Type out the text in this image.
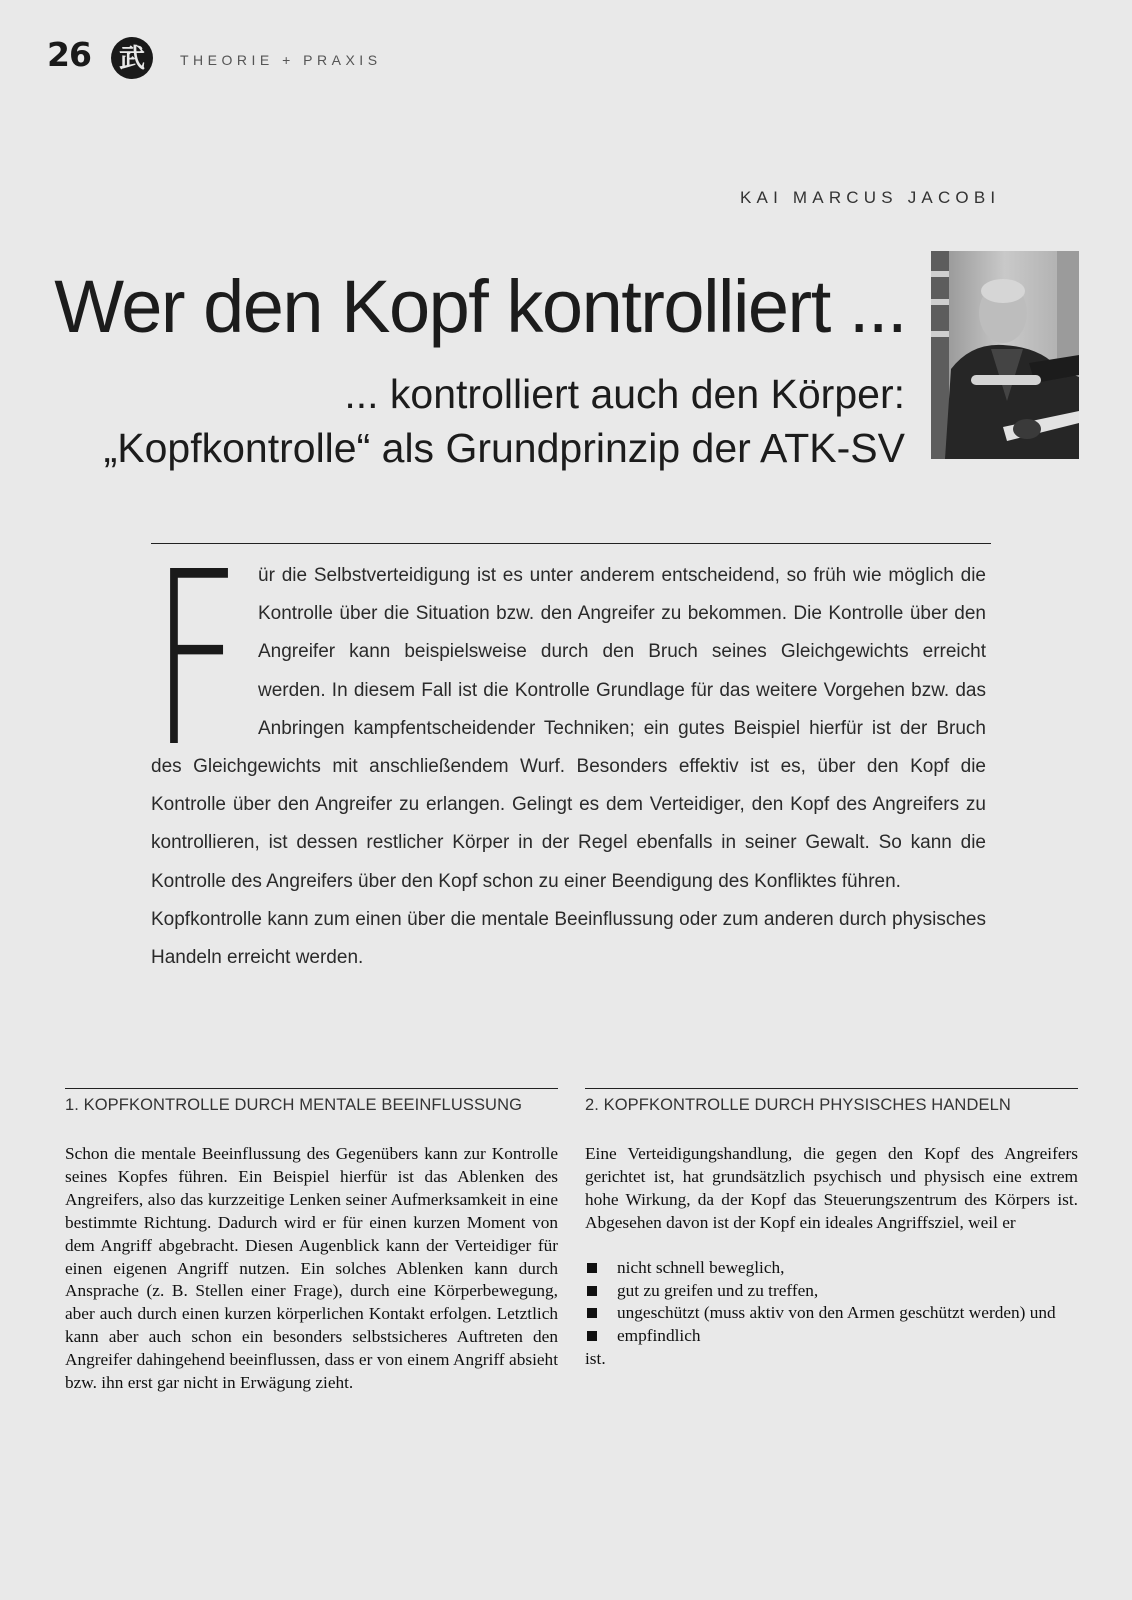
26 武 THEORIE + PRAXIS
KAI MARCUS JACOBI
Wer den Kopf kontrolliert ...
... kontrolliert auch den Körper:
„Kopfkontrolle“ als Grundprinzip der ATK-SV
F ür die Selbstverteidigung ist es unter anderem entscheidend, so früh wie möglich die Kontrolle über die Situation bzw. den Angreifer zu bekommen. Die Kontrolle über den Angreifer kann beispielsweise durch den Bruch seines Gleichgewichts erreicht werden. In diesem Fall ist die Kontrolle Grundlage für das weitere Vorgehen bzw. das Anbringen kampfentscheidender Techniken; ein gutes Beispiel hierfür ist der Bruch des Gleichgewichts mit anschließendem Wurf. Besonders effektiv ist es, über den Kopf die Kontrolle über den Angreifer zu erlangen. Gelingt es dem Verteidiger, den Kopf des Angreifers zu kontrollieren, ist dessen restlicher Körper in der Regel ebenfalls in seiner Gewalt. So kann die Kontrolle des Angreifers über den Kopf schon zu einer Beendigung des Konfliktes führen.

Kopfkontrolle kann zum einen über die mentale Beeinflussung oder zum anderen durch physisches Handeln erreicht werden.

1. KOPFKONTROLLE DURCH MENTALE BEEINFLUSSUNG
Schon die mentale Beeinflussung des Gegenübers kann zur Kontrolle seines Kopfes führen. Ein Beispiel hierfür ist das Ablenken des Angreifers, also das kurzzeitige Lenken seiner Aufmerksamkeit in eine bestimmte Richtung. Dadurch wird er für einen kurzen Moment von dem Angriff abgebracht. Diesen Augenblick kann der Verteidiger für einen eigenen Angriff nutzen. Ein solches Ablenken kann durch Ansprache (z. B. Stellen einer Frage), durch eine Körperbewegung, aber auch durch einen kurzen körperlichen Kontakt erfolgen. Letztlich kann aber auch schon ein besonders selbstsicheres Auftreten den Angreifer dahingehend beeinflussen, dass er von einem Angriff absieht bzw. ihn erst gar nicht in Erwägung zieht.
2. KOPFKONTROLLE DURCH PHYSISCHES HANDELN
Eine Verteidigungshandlung, die gegen den Kopf des Angreifers gerichtet ist, hat grundsätzlich psychisch und physisch eine extrem hohe Wirkung, da der Kopf das Steuerungszentrum des Körpers ist. Abgesehen davon ist der Kopf ein ideales Angriffsziel, weil er
nicht schnell beweglich,
gut zu greifen und zu treffen,
ungeschützt (muss aktiv von den Armen geschützt werden) und
empfindlich
ist.
